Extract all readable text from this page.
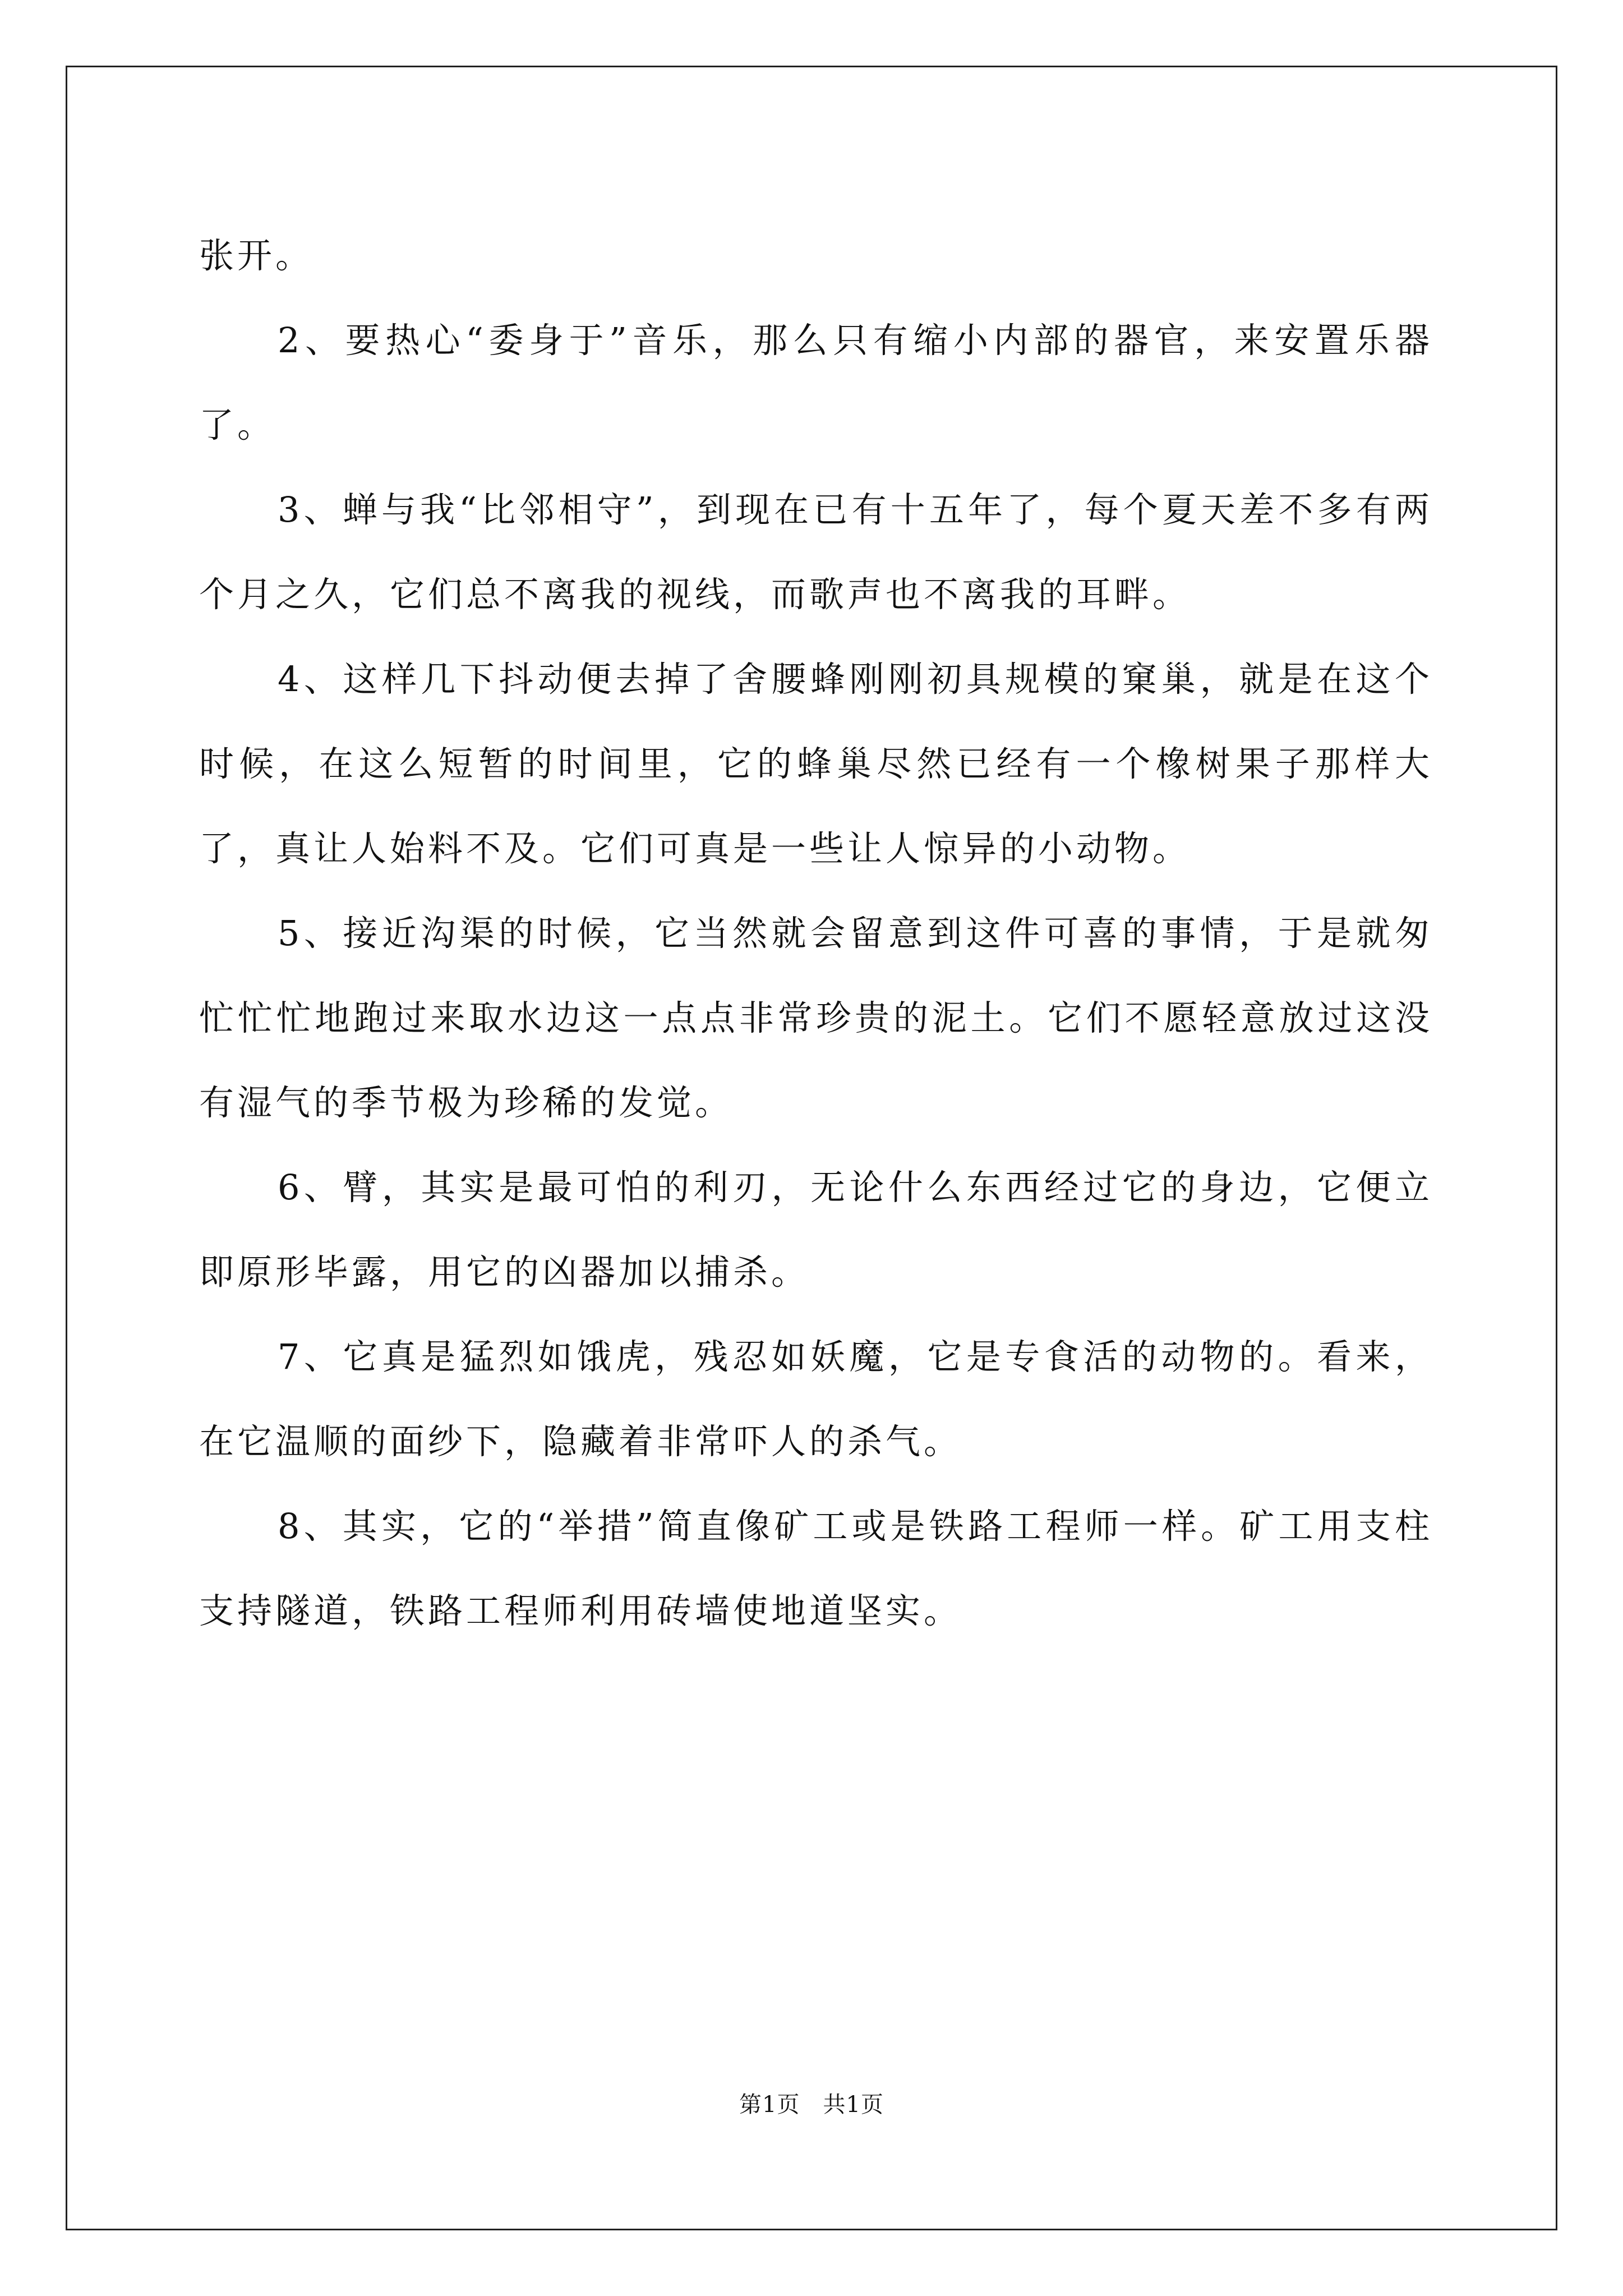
张开。

2、要热心“委身于”音乐，那么只有缩小内部的器官，来安置乐器了。

3、蝉与我“比邻相守”，到现在已有十五年了，每个夏天差不多有两个月之久，它们总不离我的视线，而歌声也不离我的耳畔。

4、这样几下抖动便去掉了舍腰蜂刚刚初具规模的窠巢，就是在这个时候，在这么短暂的时间里，它的蜂巢尽然已经有一个橡树果子那样大了，真让人始料不及。它们可真是一些让人惊异的小动物。

5、接近沟渠的时候，它当然就会留意到这件可喜的事情，于是就匆忙忙忙地跑过来取水边这一点点非常珍贵的泥土。它们不愿轻意放过这没有湿气的季节极为珍稀的发觉。

6、臂，其实是最可怕的利刃，无论什么东西经过它的身边，它便立即原形毕露，用它的凶器加以捕杀。

7、它真是猛烈如饿虎，残忍如妖魔，它是专食活的动物的。看来，在它温顺的面纱下，隐藏着非常吓人的杀气。

8、其实，它的“举措”简直像矿工或是铁路工程师一样。矿工用支柱支持隧道，铁路工程师利用砖墙使地道坚实。

第1页　共1页
